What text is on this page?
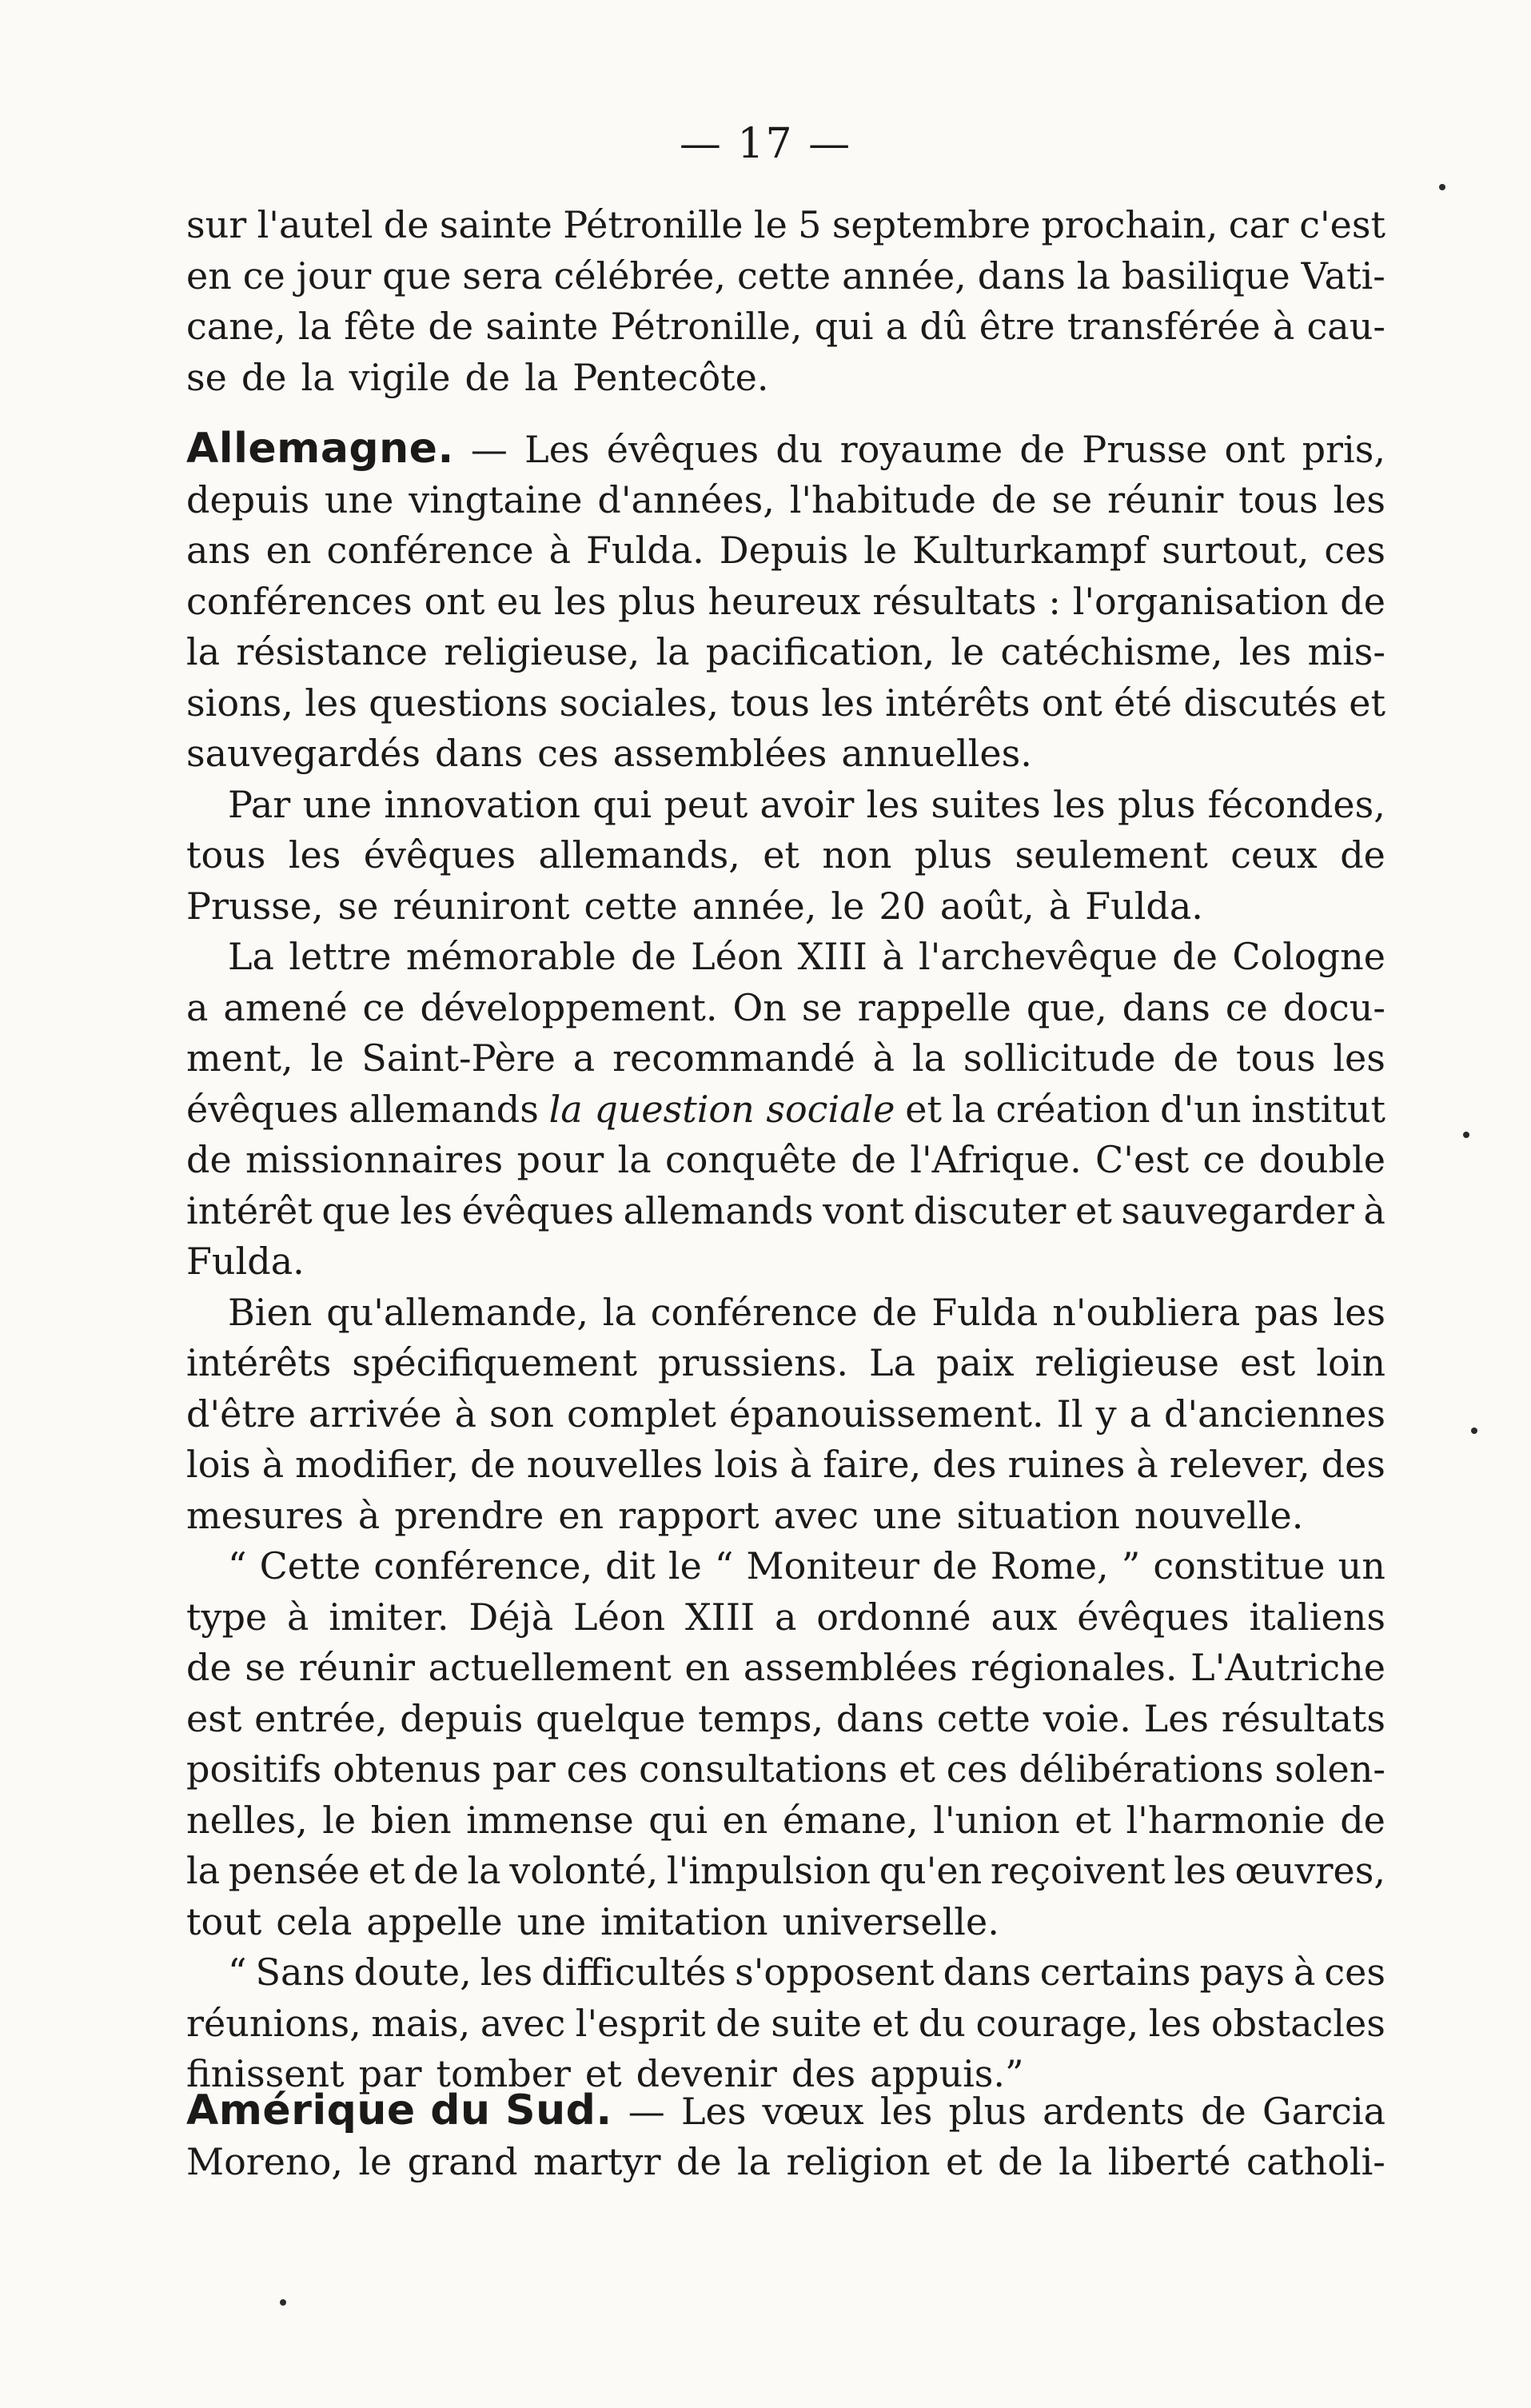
— 17 —
sur l'autel de sainte Pétronille le 5 septembre prochain, car c'est
en ce jour que sera célébrée, cette année, dans la basilique Vati-
cane, la fête de sainte Pétronille, qui a dû être transférée à cau-
se de la vigile de la Pentecôte.
Allemagne. — Les évêques du royaume de Prusse ont pris,
depuis une vingtaine d'années, l'habitude de se réunir tous les
ans en conférence à Fulda. Depuis le Kulturkampf surtout, ces
conférences ont eu les plus heureux résultats : l'organisation de
la résistance religieuse, la pacification, le catéchisme, les mis-
sions, les questions sociales, tous les intérêts ont été discutés et
sauvegardés dans ces assemblées annuelles.
Par une innovation qui peut avoir les suites les plus fécondes,
tous les évêques allemands, et non plus seulement ceux de
Prusse, se réuniront cette année, le 20 août, à Fulda.
La lettre mémorable de Léon XIII à l'archevêque de Cologne
a amené ce développement. On se rappelle que, dans ce docu-
ment, le Saint-Père a recommandé à la sollicitude de tous les
évêques allemands la question sociale et la création d'un institut
de missionnaires pour la conquête de l'Afrique. C'est ce double
intérêt que les évêques allemands vont discuter et sauvegarder à
Fulda.
Bien qu'allemande, la conférence de Fulda n'oubliera pas les
intérêts spécifiquement prussiens. La paix religieuse est loin
d'être arrivée à son complet épanouissement. Il y a d'anciennes
lois à modifier, de nouvelles lois à faire, des ruines à relever, des
mesures à prendre en rapport avec une situation nouvelle.
“ Cette conférence, dit le “ Moniteur de Rome, ” constitue un
type à imiter. Déjà Léon XIII a ordonné aux évêques italiens
de se réunir actuellement en assemblées régionales. L'Autriche
est entrée, depuis quelque temps, dans cette voie. Les résultats
positifs obtenus par ces consultations et ces délibérations solen-
nelles, le bien immense qui en émane, l'union et l'harmonie de
la pensée et de la volonté, l'impulsion qu'en reçoivent les œuvres,
tout cela appelle une imitation universelle.
“ Sans doute, les difficultés s'opposent dans certains pays à ces
réunions, mais, avec l'esprit de suite et du courage, les obstacles
finissent par tomber et devenir des appuis.”
Amérique du Sud. — Les vœux les plus ardents de Garcia
Moreno, le grand martyr de la religion et de la liberté catholi-
